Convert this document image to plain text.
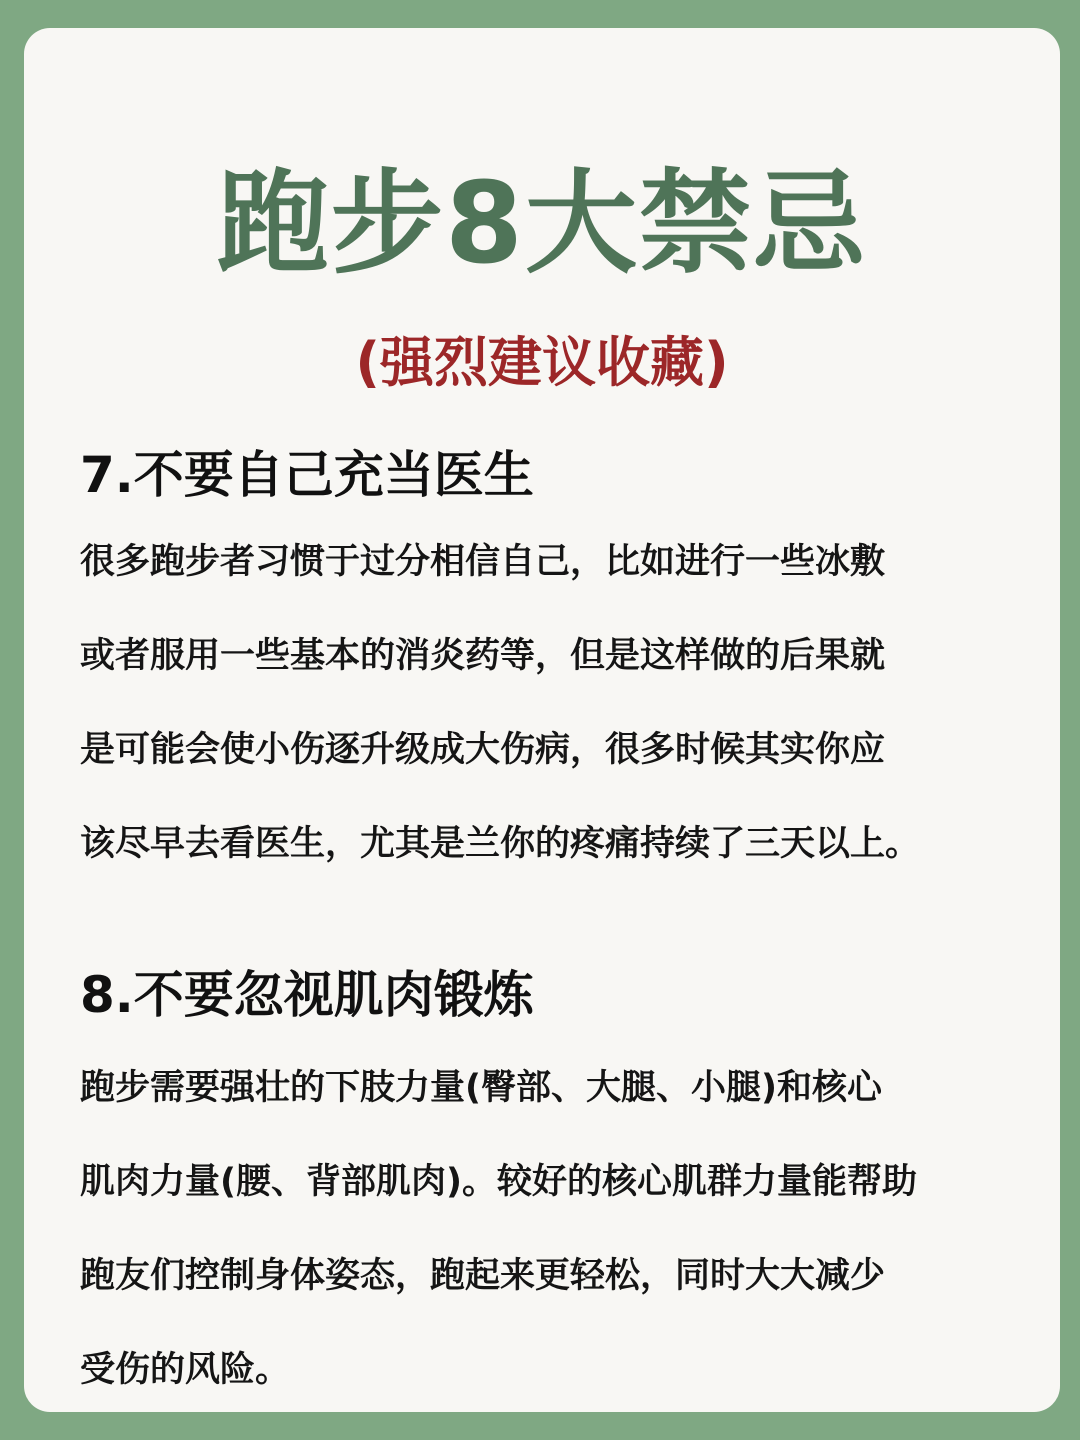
跑步8大禁忌
(强烈建议收藏)
7.不要自己充当医生

很多跑步者习惯于过分相信自己，比如进行一些冰敷

或者服用一些基本的消炎药等，但是这样做的后果就

是可能会使小伤逐升级成大伤病，很多时候其实你应

该尽早去看医生，尤其是兰你的疼痛持续了三天以上。

8.不要忽视肌肉锻炼

跑步需要强壮的下肢力量(臀部、大腿、小腿)和核心

肌肉力量(腰、背部肌肉)。较好的核心肌群力量能帮助

跑友们控制身体姿态，跑起来更轻松，同时大大减少

受伤的风险。
